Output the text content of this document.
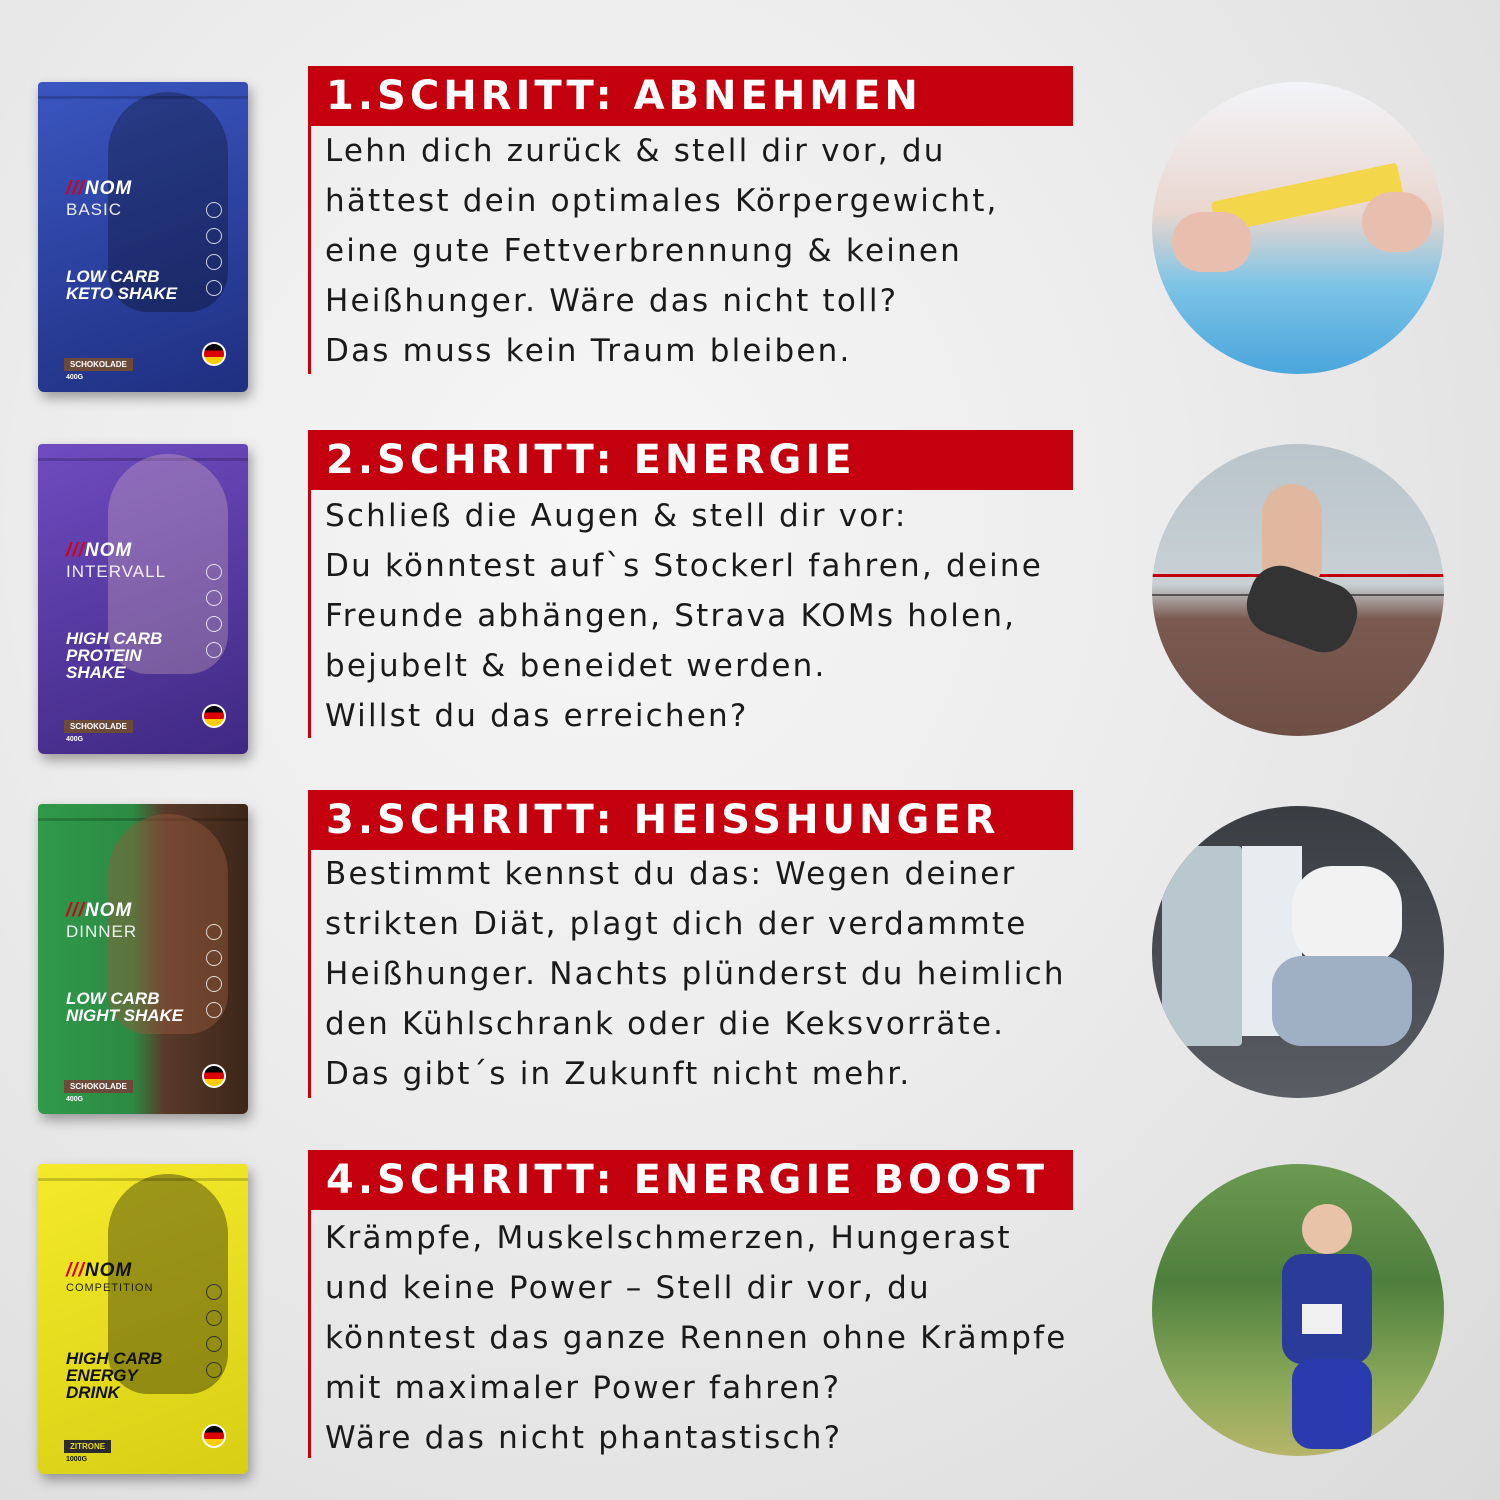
///NOM
BASIC
LOW CARB KETO SHAKE
SCHOKOLADE
400G
1.SCHRITT: ABNEHMEN
Lehn dich zurück & stell dir vor, du
hättest dein optimales Körpergewicht,
eine gute Fettverbrennung & keinen
Heißhunger. Wäre das nicht toll?
Das muss kein Traum bleiben.
///NOM
INTERVALL
HIGH CARB PROTEIN SHAKE
SCHOKOLADE
400G
2.SCHRITT: ENERGIE
Schließ die Augen & stell dir vor:
Du könntest auf`s Stockerl fahren, deine
Freunde abhängen, Strava KOMs holen,
bejubelt & beneidet werden.
Willst du das erreichen?
///NOM
DINNER
LOW CARB NIGHT SHAKE
SCHOKOLADE
400G
3.SCHRITT: HEISSHUNGER
Bestimmt kennst du das: Wegen deiner
strikten Diät, plagt dich der verdammte
Heißhunger. Nachts plünderst du heimlich
den Kühlschrank oder die Keksvorräte.
Das gibt´s in Zukunft nicht mehr.
///NOM
COMPETITION
HIGH CARB ENERGY DRINK
ZITRONE
1000G
4.SCHRITT: ENERGIE BOOST
Krämpfe, Muskelschmerzen, Hungerast
und keine Power – Stell dir vor, du
könntest das ganze Rennen ohne Krämpfe
mit maximaler Power fahren?
Wäre das nicht phantastisch?
